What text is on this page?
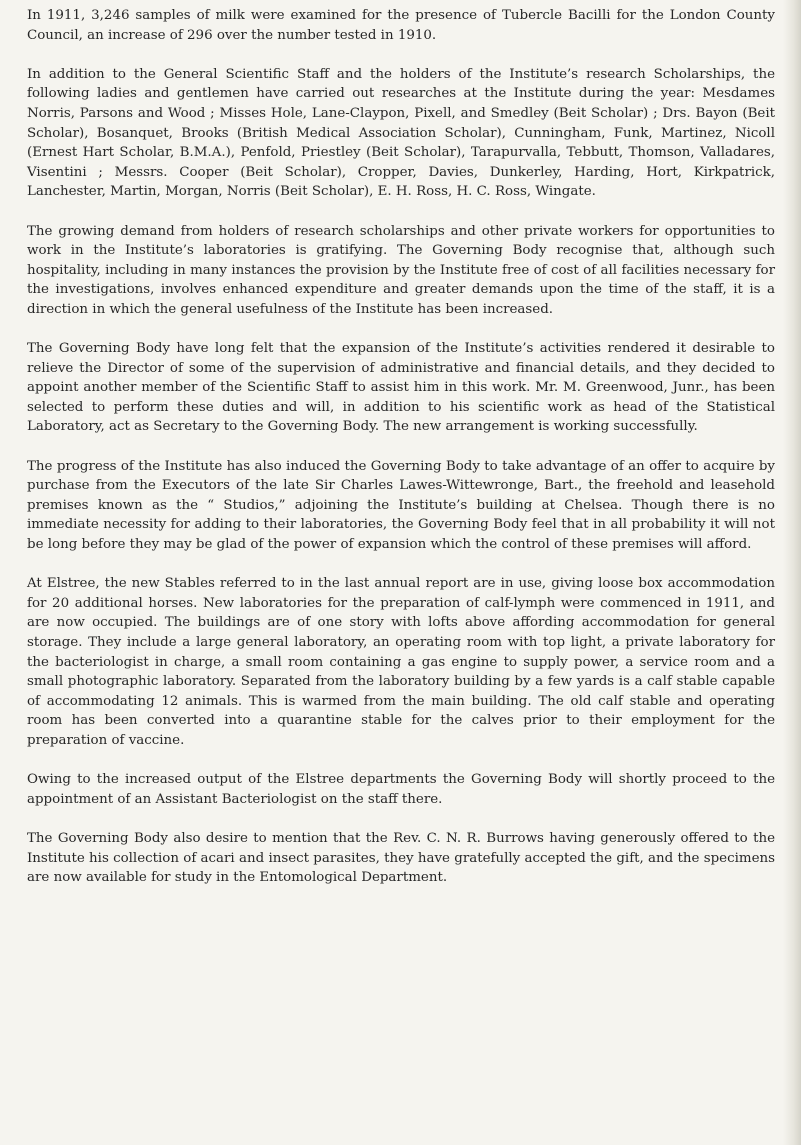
In 1911, 3,246 samples of milk were examined for the presence of Tubercle Bacilli for the London County Council, an increase of 296 over the number tested in 1910.

In addition to the General Scientific Staff and the holders of the Institute’s research Scholarships, the following ladies and gentlemen have carried out researches at the Institute during the year: Mesdames Norris, Parsons and Wood ; Misses Hole, Lane-Claypon, Pixell, and Smedley (Beit Scholar) ; Drs. Bayon (Beit Scholar), Bosanquet, Brooks (British Medical Association Scholar), Cunningham, Funk, Martinez, Nicoll (Ernest Hart Scholar, B.M.A.), Penfold, Priestley (Beit Scholar), Tarapurvalla, Tebbutt, Thomson, Valladares, Visentini ; Messrs. Cooper (Beit Scholar), Cropper, Davies, Dunkerley, Harding, Hort, Kirkpatrick, Lanchester, Martin, Morgan, Norris (Beit Scholar), E. H. Ross, H. C. Ross, Wingate.

The growing demand from holders of research scholarships and other private workers for opportunities to work in the Institute’s laboratories is gratifying. The Governing Body recognise that, although such hospitality, including in many instances the provision by the Institute free of cost of all facilities necessary for the investigations, involves enhanced expenditure and greater demands upon the time of the staff, it is a direction in which the general usefulness of the Institute has been increased.

The Governing Body have long felt that the expansion of the Institute’s activities rendered it desirable to relieve the Director of some of the supervision of administrative and financial details, and they decided to appoint another member of the Scientific Staff to assist him in this work. Mr. M. Greenwood, Junr., has been selected to perform these duties and will, in addition to his scientific work as head of the Statistical Laboratory, act as Secretary to the Governing Body. The new arrangement is working successfully.

The progress of the Institute has also induced the Governing Body to take advantage of an offer to acquire by purchase from the Executors of the late Sir Charles Lawes-Wittewronge, Bart., the freehold and leasehold premises known as the “ Studios,” adjoining the Institute’s building at Chelsea. Though there is no immediate necessity for adding to their laboratories, the Governing Body feel that in all probability it will not be long before they may be glad of the power of expansion which the control of these premises will afford.

At Elstree, the new Stables referred to in the last annual report are in use, giving loose box accommodation for 20 additional horses. New laboratories for the preparation of calf-lymph were commenced in 1911, and are now occupied. The buildings are of one story with lofts above affording accommodation for general storage. They include a large general laboratory, an operating room with top light, a private laboratory for the bacteriologist in charge, a small room containing a gas engine to supply power, a service room and a small photographic laboratory. Separated from the laboratory building by a few yards is a calf stable capable of accommodating 12 animals. This is warmed from the main building. The old calf stable and operating room has been converted into a quarantine stable for the calves prior to their employment for the preparation of vaccine.

Owing to the increased output of the Elstree departments the Governing Body will shortly proceed to the appointment of an Assistant Bacteriologist on the staff there.

The Governing Body also desire to mention that the Rev. C. N. R. Burrows having generously offered to the Institute his collection of acari and insect parasites, they have gratefully accepted the gift, and the specimens are now available for study in the Entomological Department.
